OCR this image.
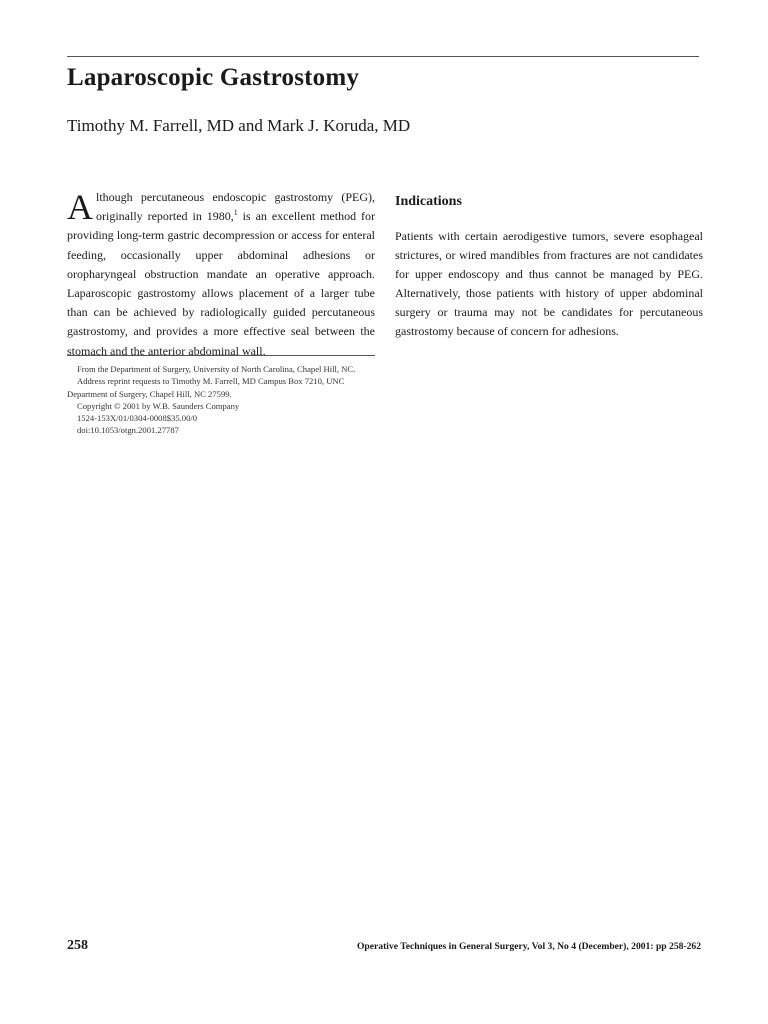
Laparoscopic Gastrostomy

Timothy M. Farrell, MD and Mark J. Koruda, MD

Although percutaneous endoscopic gastrostomy (PEG), originally reported in 1980,$^1$ is an excellent method for providing long-term gastric decompression or access for enteral feeding, occasionally upper abdominal adhesions or oropharyngeal obstruction mandate an operative approach. Laparoscopic gastrostomy allows placement of a larger tube than can be achieved by radiologically guided percutaneous gastrostomy, and provides a more effective seal between the stomach and the anterior abdominal wall.
Indications

Patients with certain aerodigestive tumors, severe esophageal strictures, or wired mandibles from fractures are not candidates for upper endoscopy and thus cannot be managed by PEG. Alternatively, those patients with history of upper abdominal surgery or trauma may not be candidates for percutaneous gastrostomy because of concern for adhesions.

From the Department of Surgery, University of North Carolina, Chapel Hill, NC.
Address reprint requests to Timothy M. Farrell, MD Campus Box 7210, UNC Department of Surgery, Chapel Hill, NC 27599.
Copyright © 2001 by W.B. Saunders Company
1524-153X/01/0304-0008$35.00/0
doi:10.1053/otgn.2001.27787
258	Operative Techniques in General Surgery, Vol 3, No 4 (December), 2001: pp 258-262
